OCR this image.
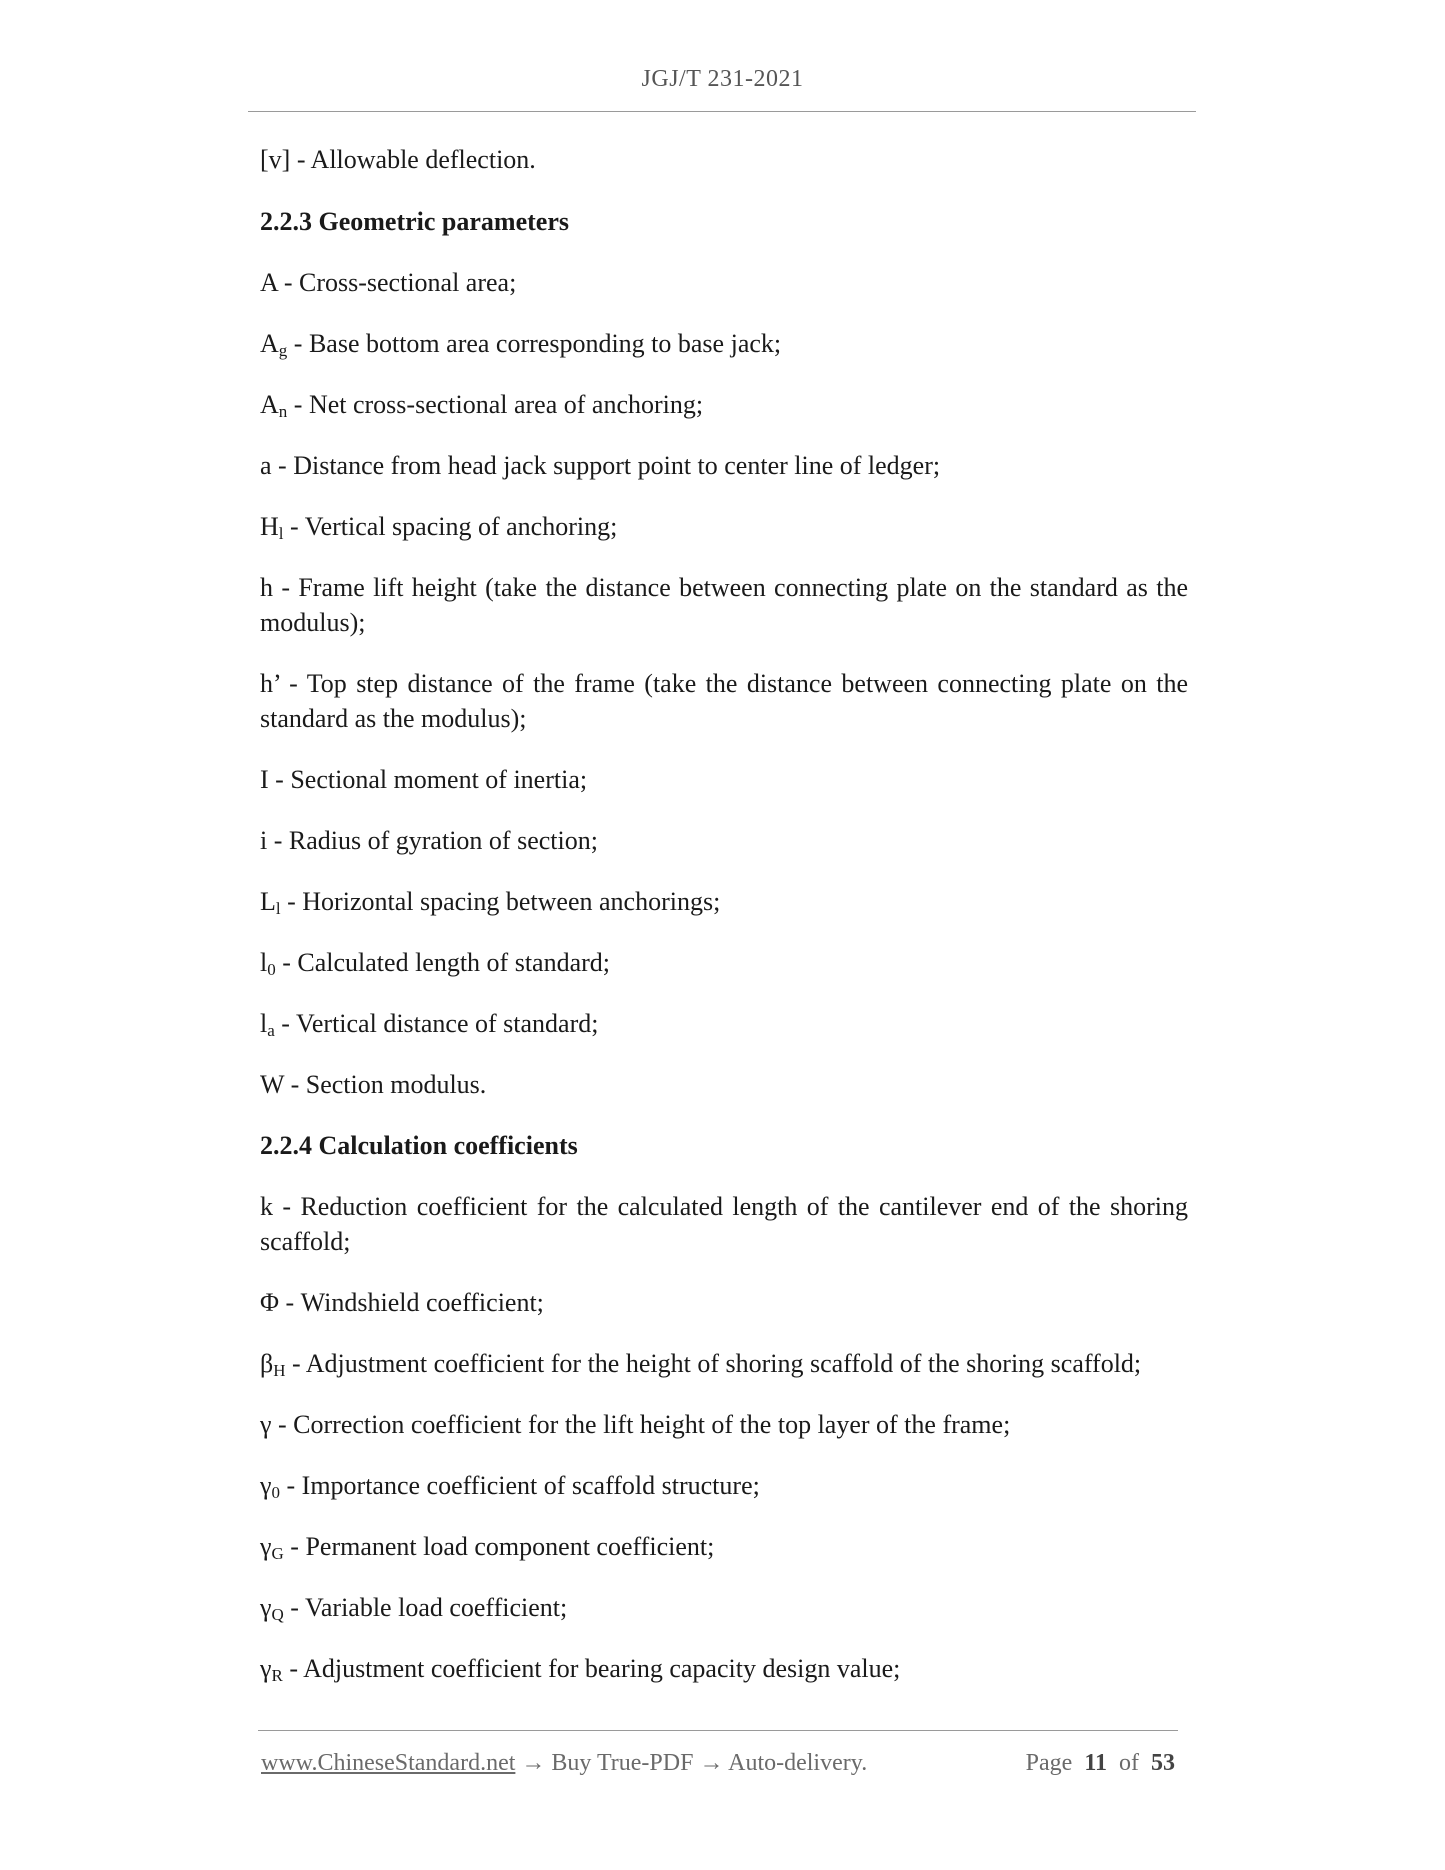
JGJ/T 231-2021

[v] - Allowable deflection.

2.2.3 Geometric parameters

A - Cross-sectional area;

$A_g$ - Base bottom area corresponding to base jack;

$A_n$ - Net cross-sectional area of anchoring;

a - Distance from head jack support point to center line of ledger;

$H_l$ - Vertical spacing of anchoring;

h - Frame lift height (take the distance between connecting plate on the standard as the modulus);

h’ - Top step distance of the frame (take the distance between connecting plate on the standard as the modulus);

I - Sectional moment of inertia;

i - Radius of gyration of section;

$L_l$ - Horizontal spacing between anchorings;

$l_0$ - Calculated length of standard;

$l_a$ - Vertical distance of standard;

W - Section modulus.

2.2.4 Calculation coefficients

k - Reduction coefficient for the calculated length of the cantilever end of the shoring scaffold;

Φ - Windshield coefficient;

$\beta_H$ - Adjustment coefficient for the height of shoring scaffold of the shoring scaffold;

γ - Correction coefficient for the lift height of the top layer of the frame;

$\gamma_0$ - Importance coefficient of scaffold structure;

$\gamma_G$ - Permanent load component coefficient;

$\gamma_Q$ - Variable load coefficient;

$\gamma_R$ - Adjustment coefficient for bearing capacity design value;

www.ChineseStandard.net → Buy True-PDF → Auto-delivery.	Page 11 of 53
